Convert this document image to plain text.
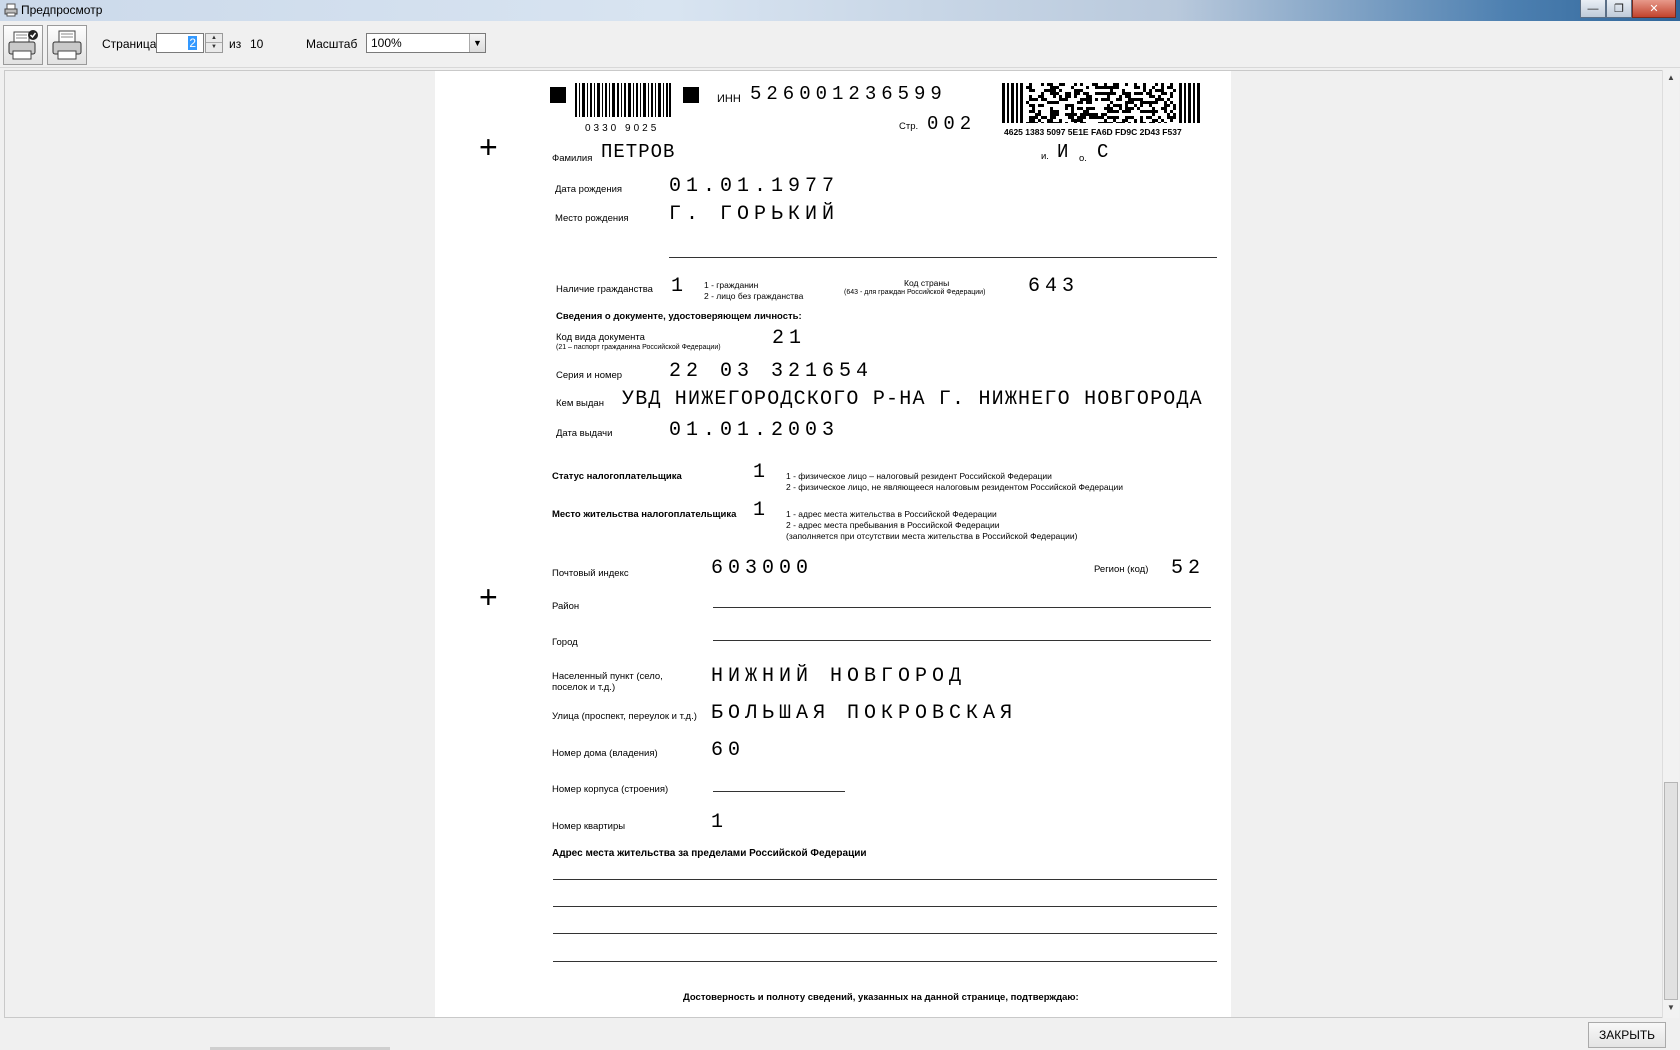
Предпросмотр	—	❐	✕
Страница	2	▲
▼	из 10	Масштаб	100%	▼
0330 9025
ИНН 526001236599
Стр. 002	4625 1383 5097 5E1E FA6D FD9C 2D43 F537
+	Фамилия ПЕТРОВ	и. И о. С
Дата рождения 01.01.1977
Место рождения Г. ГОРЬКИЙ
Наличие гражданства 1 1 - гражданин
2 - лицо без гражданства
Код страны
(643 - для граждан Российской Федерации) 643
Сведения о документе, удостоверяющем личность:
Код вида документа
(21 – паспорт гражданина Российской Федерации)	21
Серия и номер 22 03 321654
Кем выдан УВД НИЖЕГОРОДСКОГО Р-НА Г. НИЖНЕГО НОВГОРОДА
Дата выдачи	01.01.2003
Статус налогоплательщика	1 1 - физическое лицо – налоговый резидент Российской Федерации
2 - физическое лицо, не являющееся налоговым резидентом Российской Федерации
Место жительства налогоплательщика 1 1 - адрес места жительства в Российской Федерации
2 - адрес места пребывания в Российской Федерации
(заполняется при отсутствии места жительства в Российской Федерации)
Почтовый индекс	603000	Регион (код) 52
+	Район
Город
Населенный пункт (село,
поселок и т.д.)	НИЖНИЙ НОВГОРОД
Улица (проспект, переулок и т.д.) БОЛЬШАЯ ПОКРОВСКАЯ
Номер дома (владения)	60
Номер корпуса (строения)
Номер квартиры	1
Адрес места жительства за пределами Российской Федерации
Достоверность и полноту сведений, указанных на данной странице, подтверждаю:
▲
▼
ЗАКРЫТЬ
